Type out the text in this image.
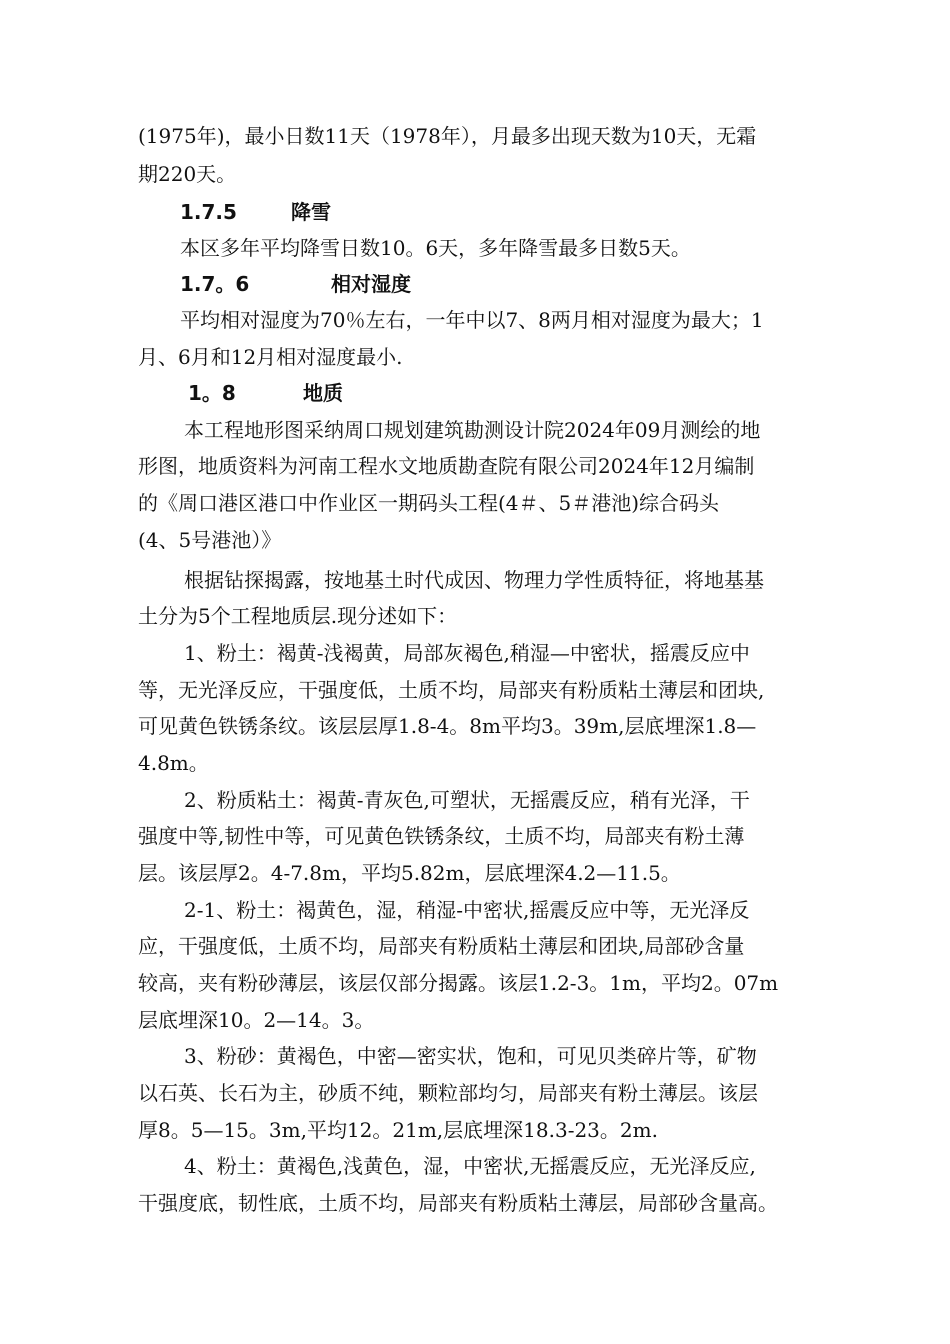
(1975年)，最小日数11天（1978年），月最多出现天数为10天，无霜
期220天。
1.7.5	降雪
本区多年平均降雪日数10。6天，多年降雪最多日数5天。
1.7。6	相对湿度
平均相对湿度为70％左右，一年中以7、8两月相对湿度为最大；1
月、6月和12月相对湿度最小.
1。8	地质
本工程地形图采纳周口规划建筑勘测设计院2024年09月测绘的地
形图，地质资料为河南工程水文地质勘查院有限公司2024年12月编制
的《周口港区港口中作业区一期码头工程(4＃、5＃港池)综合码头
(4、5号港池）》
根据钻探揭露，按地基土时代成因、物理力学性质特征，将地基基
土分为5个工程地质层.现分述如下：
1、粉土：褐黄-浅褐黄，局部灰褐色,稍湿—中密状，摇震反应中
等，无光泽反应，干强度低，土质不均，局部夹有粉质粘土薄层和团块,
可见黄色铁锈条纹。该层层厚1.8-4。8m平均3。39m,层底埋深1.8—
4.8m。
2、粉质粘土：褐黄-青灰色,可塑状，无摇震反应，稍有光泽，干
强度中等,韧性中等，可见黄色铁锈条纹，土质不均，局部夹有粉土薄
层。该层厚2。4-7.8m，平均5.82m，层底埋深4.2—11.5。
2-1、粉土：褐黄色，湿，稍湿-中密状,摇震反应中等，无光泽反
应，干强度低，土质不均，局部夹有粉质粘土薄层和团块,局部砂含量
较高，夹有粉砂薄层，该层仅部分揭露。该层1.2-3。1m，平均2。07m
层底埋深10。2—14。3。
3、粉砂：黄褐色，中密—密实状，饱和，可见贝类碎片等，矿物
以石英、长石为主，砂质不纯，颗粒部均匀，局部夹有粉土薄层。该层
厚8。5—15。3m,平均12。21m,层底埋深18.3-23。2m.
4、粉土：黄褐色,浅黄色，湿，中密状,无摇震反应，无光泽反应,
干强度底，韧性底，土质不均，局部夹有粉质粘土薄层，局部砂含量高。
